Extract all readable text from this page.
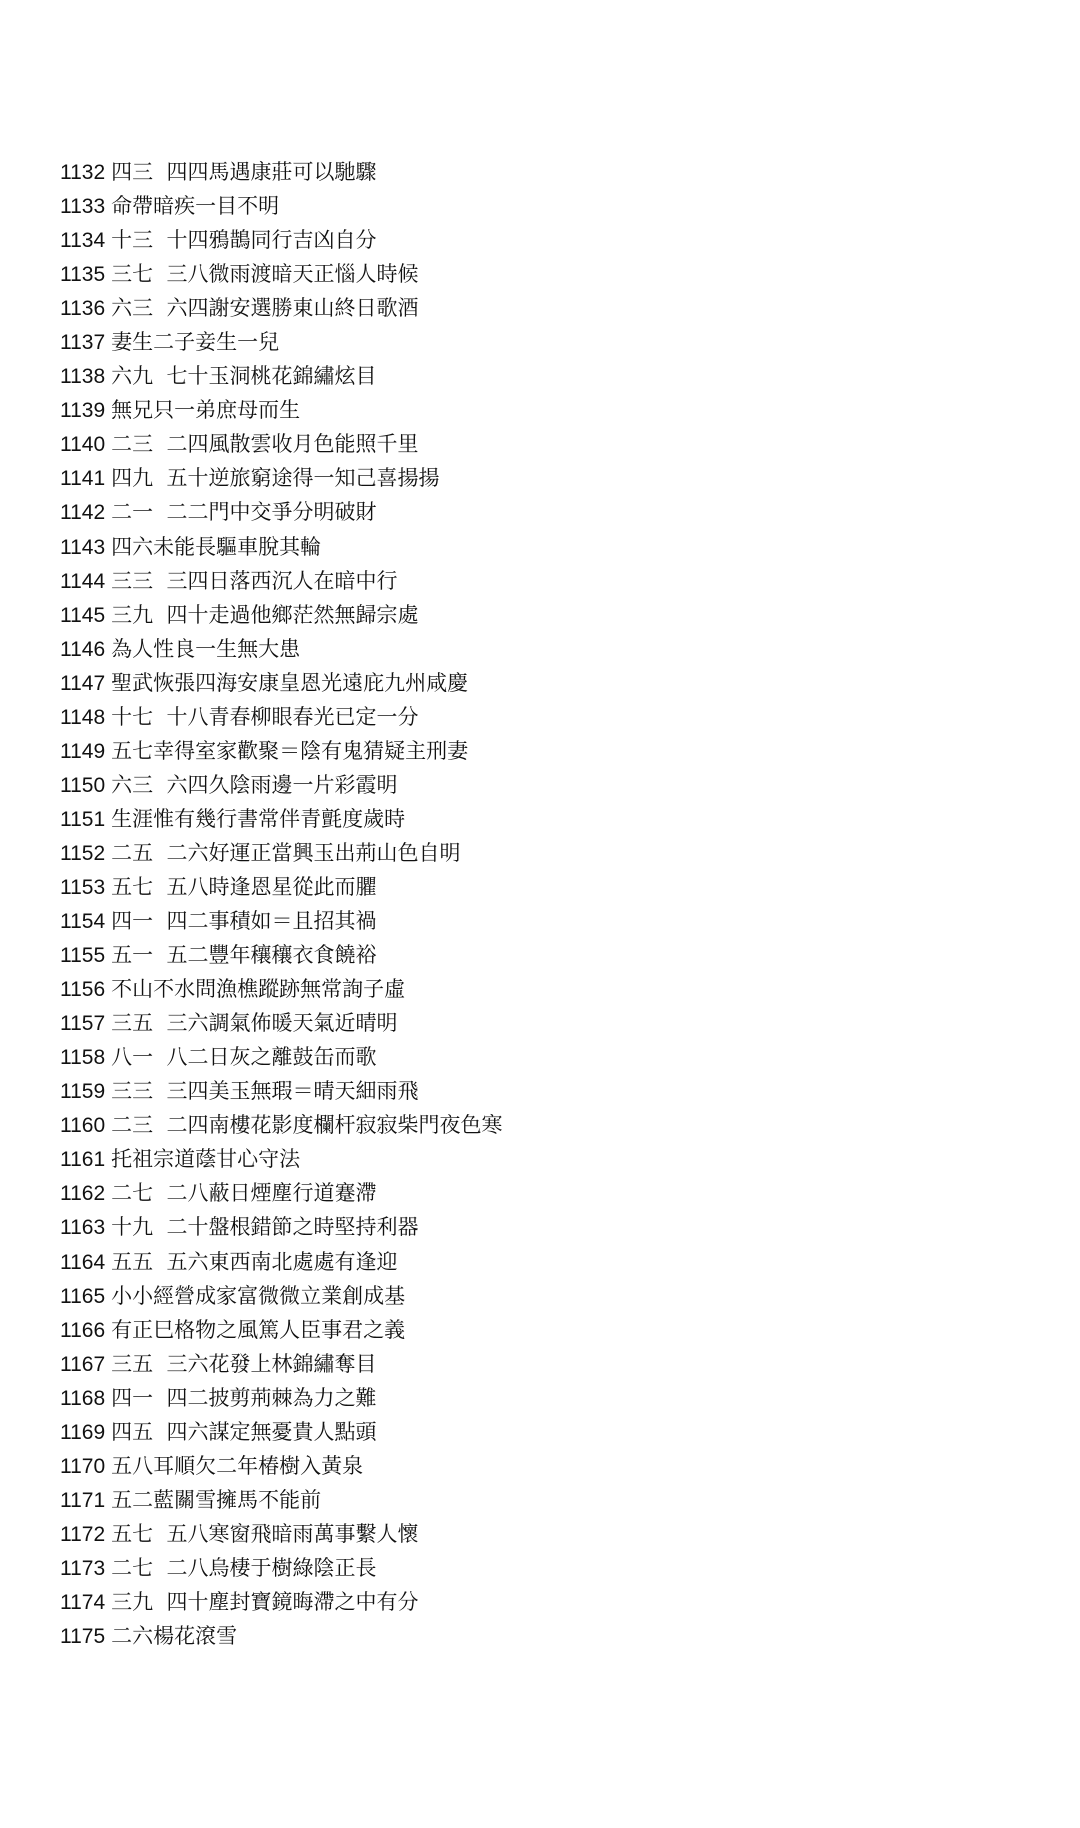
1132 四三  四四馬遇康莊可以馳驟
1133 命帶暗疾一目不明
1134 十三  十四鴉鵲同行吉凶自分
1135 三七  三八微雨渡暗天正惱人時候
1136 六三  六四謝安選勝東山終日歌酒
1137 妻生二子妾生一兒
1138 六九  七十玉洞桃花錦繡炫目
1139 無兄只一弟庶母而生
1140 二三  二四風散雲收月色能照千里
1141 四九  五十逆旅窮途得一知己喜揚揚
1142 二一  二二門中交爭分明破財
1143 四六未能長驅車脫其輪
1144 三三  三四日落西沉人在暗中行
1145 三九  四十走過他鄉茫然無歸宗處
1146 為人性良一生無大患
1147 聖武恢張四海安康皇恩光遠庇九州咸慶
1148 十七  十八青春柳眼春光已定一分
1149 五七幸得室家歡聚＝陰有鬼猜疑主刑妻
1150 六三  六四久陰雨邊一片彩霞明
1151 生涯惟有幾行書常伴青氈度歲時
1152 二五  二六好運正當興玉出荊山色自明
1153 五七  五八時逢恩星從此而臞
1154 四一  四二事積如＝且招其禍
1155 五一  五二豐年穰穰衣食饒裕
1156 不山不水問漁樵蹤跡無常詢子虛
1157 三五  三六調氣佈暖天氣近晴明
1158 八一  八二日灰之離鼓缶而歌
1159 三三  三四美玉無瑕＝晴天細雨飛
1160 二三  二四南樓花影度欄杆寂寂柴門夜色寒
1161 托祖宗道蔭甘心守法
1162 二七  二八蔽日煙塵行道蹇滯
1163 十九  二十盤根錯節之時堅持利器
1164 五五  五六東西南北處處有逢迎
1165 小小經營成家富微微立業創成基
1166 有正巳格物之風篤人臣事君之義
1167 三五  三六花發上林錦繡奪目
1168 四一  四二披剪荊棘為力之難
1169 四五  四六謀定無憂貴人點頭
1170 五八耳順欠二年椿樹入黃泉
1171 五二藍關雪擁馬不能前
1172 五七  五八寒窗飛暗雨萬事繫人懷
1173 二七  二八烏棲于樹綠陰正長
1174 三九  四十塵封寶鏡晦滯之中有分
1175 二六楊花滾雪
